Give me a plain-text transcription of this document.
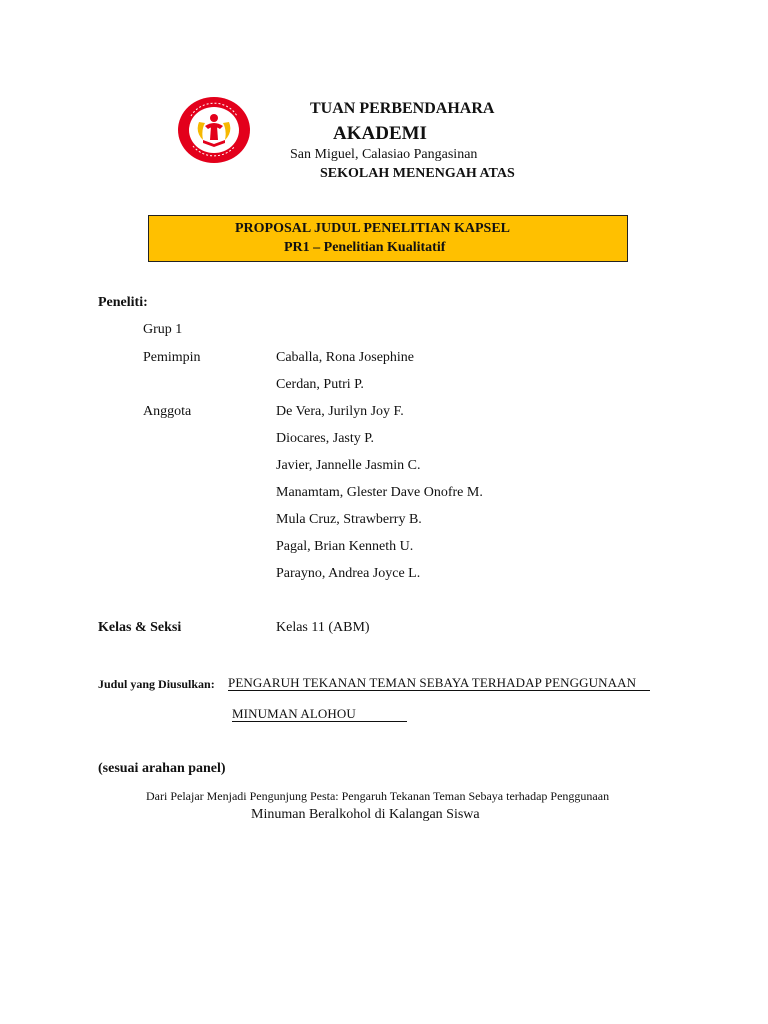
TUAN PERBENDAHARA
AKADEMI
San Miguel, Calasiao Pangasinan
SEKOLAH MENENGAH ATAS
PROPOSAL JUDUL PENELITIAN KAPSEL
PR1 – Penelitian Kualitatif
Peneliti:
Grup 1
Pemimpin	Caballa, Rona Josephine
Cerdan, Putri P.
Anggota	De Vera, Jurilyn Joy F.
Diocares, Jasty P.
Javier, Jannelle Jasmin C.
Manamtam, Glester Dave Onofre M.
Mula Cruz, Strawberry B.
Pagal, Brian Kenneth U.
Parayno, Andrea Joyce L.
Kelas & Seksi	Kelas 11 (ABM)
Judul yang Diusulkan: PENGARUH TEKANAN TEMAN SEBAYA TERHADAP PENGGUNAAN
MINUMAN ALOHOU
(sesuai arahan panel)
Dari Pelajar Menjadi Pengunjung Pesta: Pengaruh Tekanan Teman Sebaya terhadap Penggunaan
Minuman Beralkohol di Kalangan Siswa
